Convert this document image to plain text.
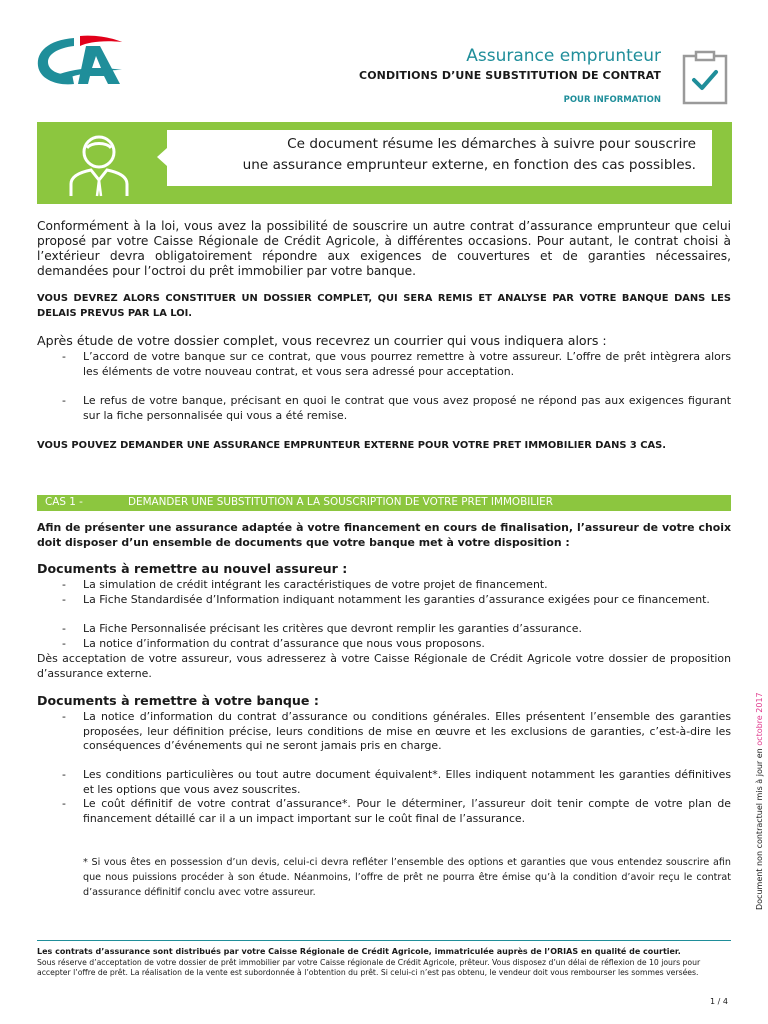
Assurance emprunteur
CONDITIONS D’UNE SUBSTITUTION DE CONTRAT
POUR INFORMATION
Ce document résume les démarches à suivre pour souscrire
une assurance emprunteur externe, en fonction des cas possibles.
Conformément à la loi, vous avez la possibilité de souscrire un autre contrat d’assurance emprunteur que celui proposé par votre Caisse Régionale de Crédit Agricole, à différentes occasions. Pour autant, le contrat choisi à l’extérieur devra obligatoirement répondre aux exigences de couvertures et de garanties nécessaires, demandées pour l’octroi du prêt immobilier par votre banque.
VOUS DEVREZ ALORS CONSTITUER UN DOSSIER COMPLET, QUI SERA REMIS ET ANALYSE PAR VOTRE BANQUE DANS LES DELAIS PREVUS PAR LA LOI.
Après étude de votre dossier complet, vous recevrez un courrier qui vous indiquera alors :
- L’accord de votre banque sur ce contrat, que vous pourrez remettre à votre assureur. L’offre de prêt intègrera alors les éléments de votre nouveau contrat, et vous sera adressé pour acceptation.
- Le refus de votre banque, précisant en quoi le contrat que vous avez proposé ne répond pas aux exigences figurant sur la fiche personnalisée qui vous a été remise.
VOUS POUVEZ DEMANDER UNE ASSURANCE EMPRUNTEUR EXTERNE POUR VOTRE PRET IMMOBILIER DANS 3 CAS.
CAS 1 -	DEMANDER UNE SUBSTITUTION A LA SOUSCRIPTION DE VOTRE PRET IMMOBILIER
Afin de présenter une assurance adaptée à votre financement en cours de finalisation, l’assureur de votre choix doit disposer d’un ensemble de documents que votre banque met à votre disposition :
Documents à remettre au nouvel assureur :
- La simulation de crédit intégrant les caractéristiques de votre projet de financement.
- La Fiche Standardisée d’Information indiquant notamment les garanties d’assurance exigées pour ce financement.
- La Fiche Personnalisée précisant les critères que devront remplir les garanties d’assurance.
- La notice d’information du contrat d’assurance que nous vous proposons.
Dès acceptation de votre assureur, vous adresserez à votre Caisse Régionale de Crédit Agricole votre dossier de proposition d’assurance externe.
Documents à remettre à votre banque :
- La notice d’information du contrat d’assurance ou conditions générales. Elles présentent l’ensemble des garanties proposées, leur définition précise, leurs conditions de mise en œuvre et les exclusions de garanties, c’est-à-dire les conséquences d’événements qui ne seront jamais pris en charge.
- Les conditions particulières ou tout autre document équivalent*. Elles indiquent notamment les garanties définitives et les options que vous avez souscrites.
- Le coût définitif de votre contrat d’assurance*. Pour le déterminer, l’assureur doit tenir compte de votre plan de financement détaillé car il a un impact important sur le coût final de l’assurance.
* Si vous êtes en possession d’un devis, celui-ci devra refléter l’ensemble des options et garanties que vous entendez souscrire afin que nous puissions procéder à son étude. Néanmoins, l’offre de prêt ne pourra être émise qu’à la condition d’avoir reçu le contrat d’assurance définitif conclu avec votre assureur.	Document non contractuel mis à jour en octobre 2017
Les contrats d’assurance sont distribués par votre Caisse Régionale de Crédit Agricole, immatriculée auprès de l’ORIAS en qualité de courtier.
Sous réserve d’acceptation de votre dossier de prêt immobilier par votre Caisse régionale de Crédit Agricole, prêteur. Vous disposez d’un délai de réflexion de 10 jours pour accepter l’offre de prêt. La réalisation de la vente est subordonnée à l’obtention du prêt. Si celui-ci n’est pas obtenu, le vendeur doit vous rembourser les sommes versées.
1 / 4
